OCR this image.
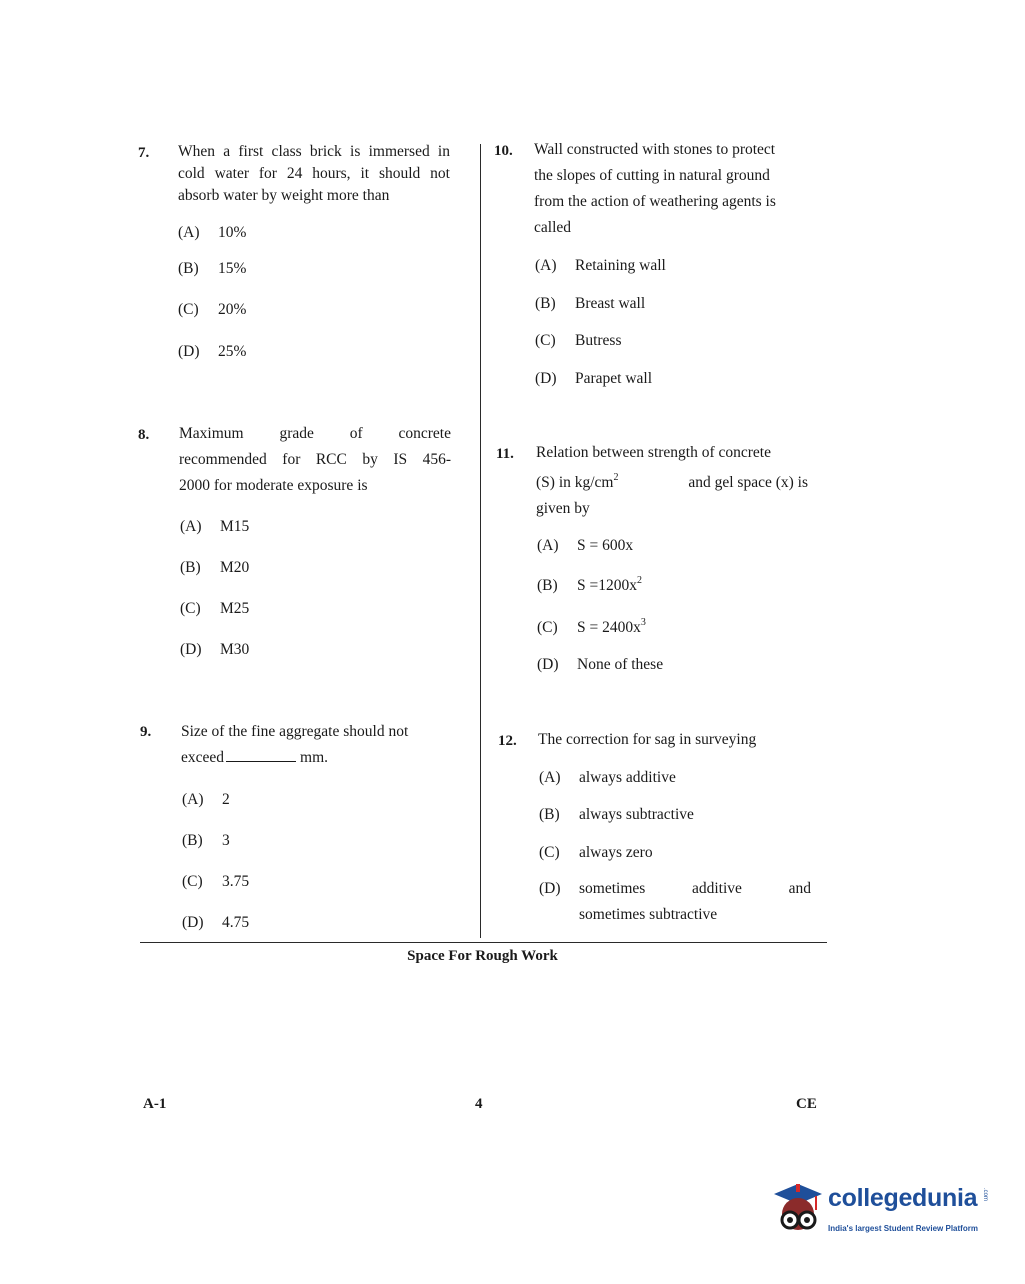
7. When a first class brick is immersed in
cold water for 24 hours, it should not
absorb water by weight more than
(A) 10%
(B) 15%
(C) 20%
(D) 25%
8. Maximum grade of concrete
recommended for RCC by IS 456-
2000 for moderate exposure is
(A) M15
(B) M20
(C) M25
(D) M30
9. Size of the fine aggregate should not
exceed	mm.
(A) 2
(B) 3
(C) 3.75
(D) 4.75
10. Wall constructed with stones to protect
the slopes of cutting in natural ground
from the action of weathering agents is
called
(A) Retaining wall
(B) Breast wall
(C) Butress
(D) Parapet wall
11. Relation between strength of concrete
(S) in $kg/cm^2$	and gel space (x) is
given by
(A) S = 600x
(B) $S =1200x^2$
(C) $S = 2400x^3$
(D) None of these
12. The correction for sag in surveying
(A) always additive
(B) always subtractive
(C) always zero
(D) sometimes additive and
sometimes subtractive
Space For Rough Work
A-1	4	CE
collegedunia .com
India's largest Student Review Platform
